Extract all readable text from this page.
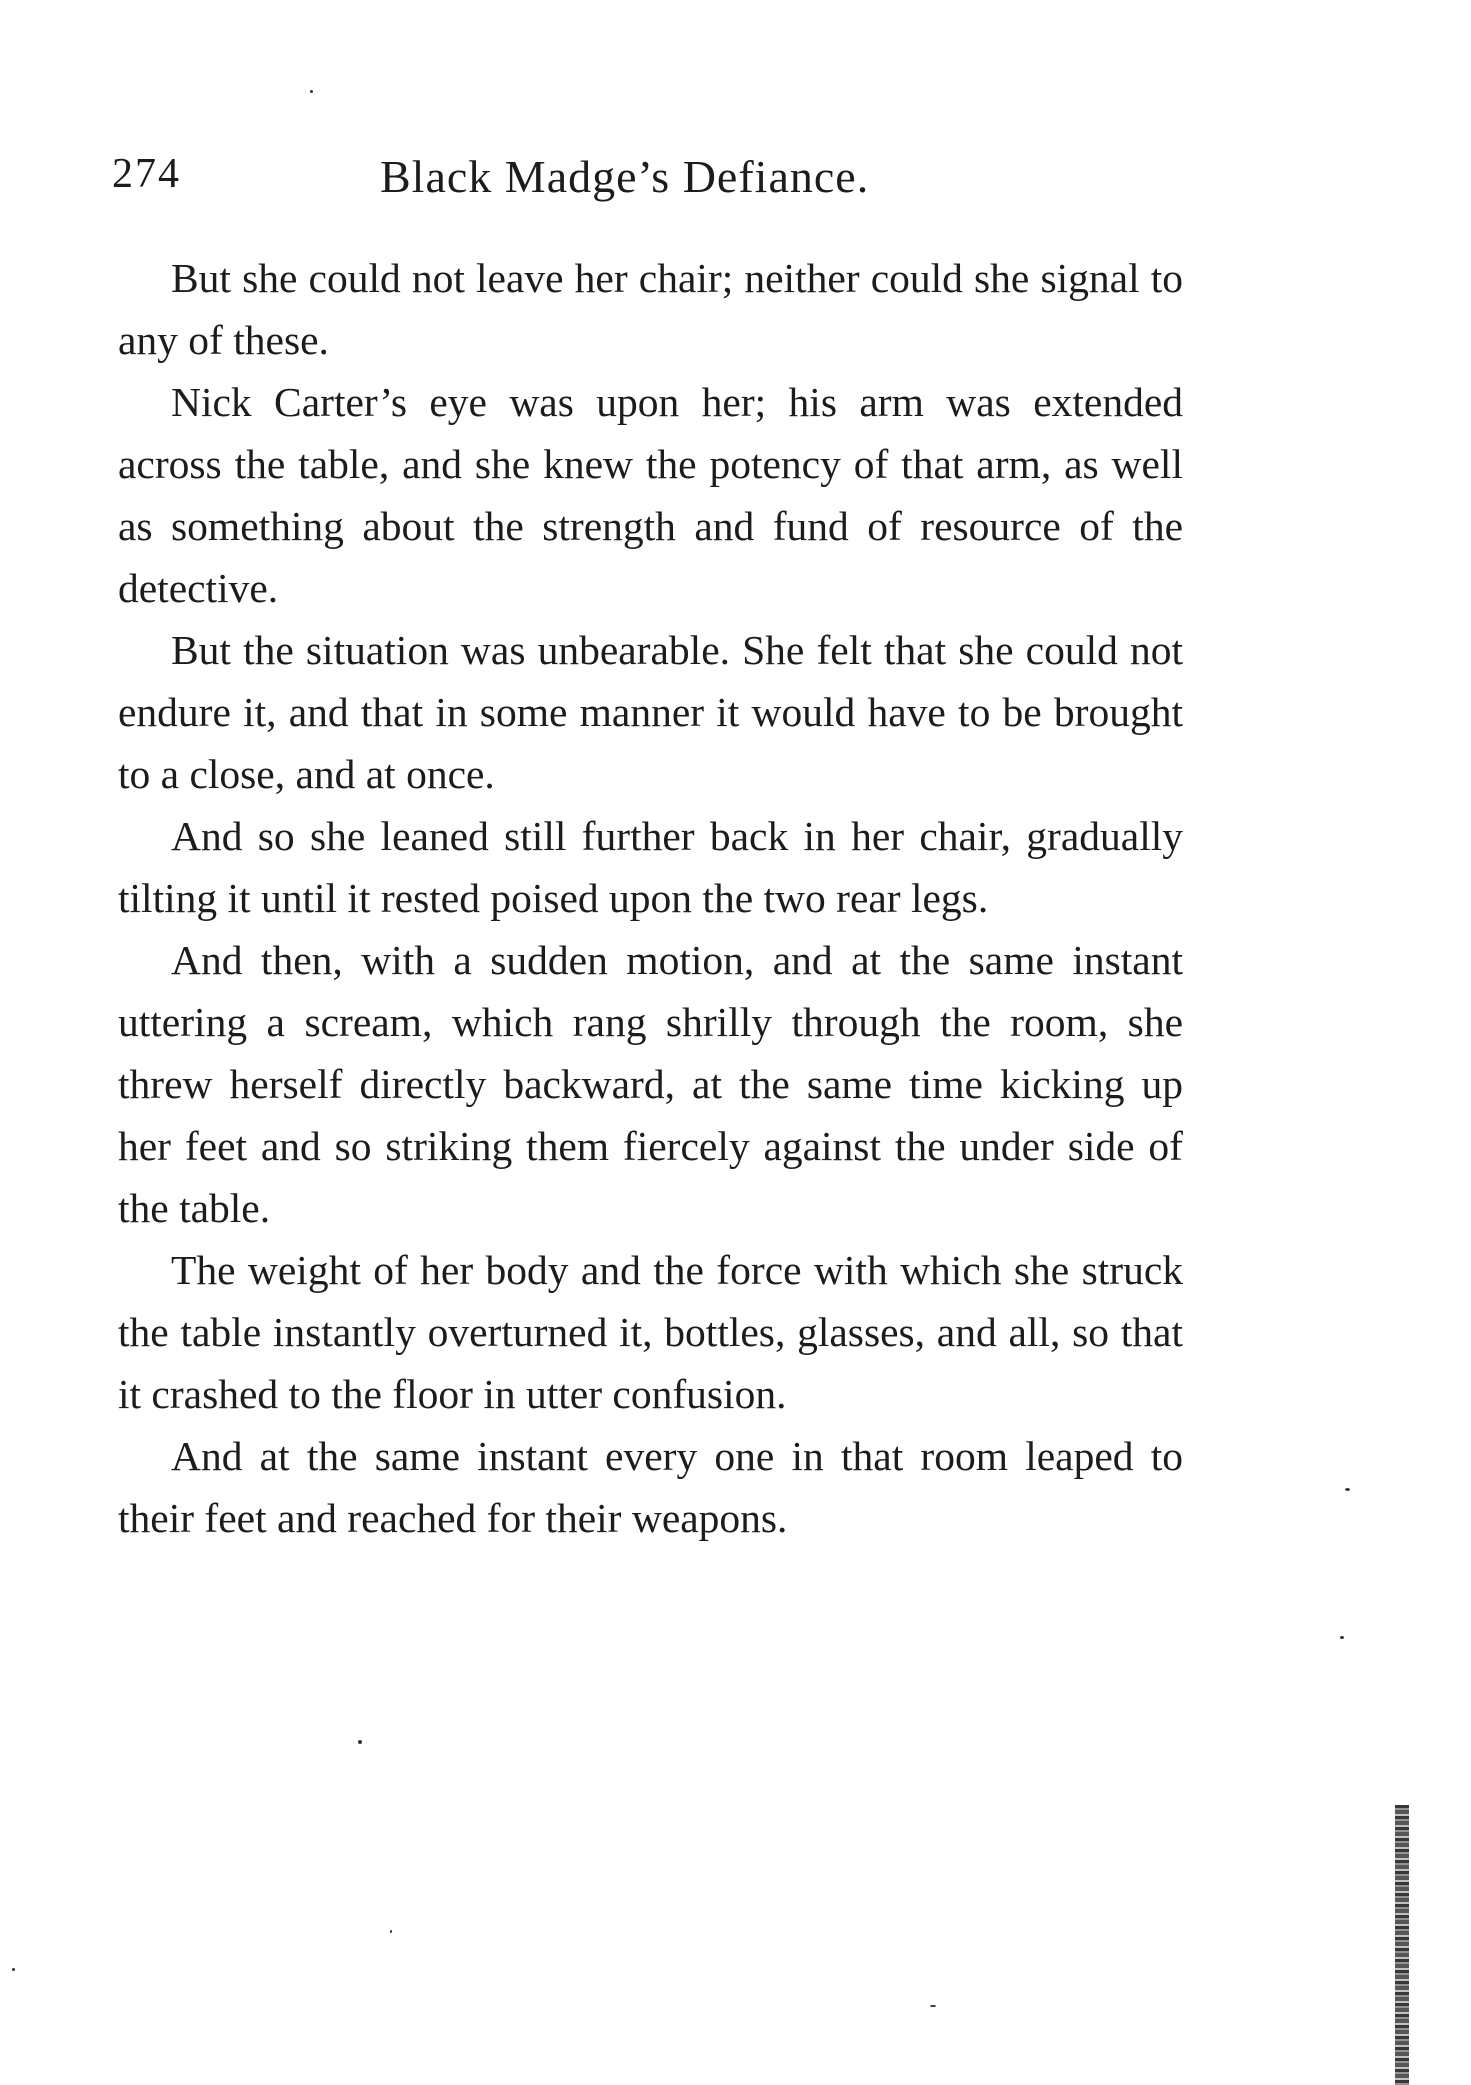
274	Black Madge’s Defiance.

But she could not leave her chair; neither could she signal to any of these.

Nick Carter’s eye was upon her; his arm was extended across the table, and she knew the potency of that arm, as well as something about the strength and fund of resource of the detective.

But the situation was unbearable. She felt that she could not endure it, and that in some manner it would have to be brought to a close, and at once.

And so she leaned still further back in her chair, gradually tilting it until it rested poised upon the two rear legs.

And then, with a sudden motion, and at the same instant uttering a scream, which rang shrilly through the room, she threw herself directly backward, at the same time kicking up her feet and so striking them fiercely against the under side of the table.

The weight of her body and the force with which she struck the table instantly overturned it, bottles, glasses, and all, so that it crashed to the floor in utter confusion.

And at the same instant every one in that room leaped to their feet and reached for their weapons.
